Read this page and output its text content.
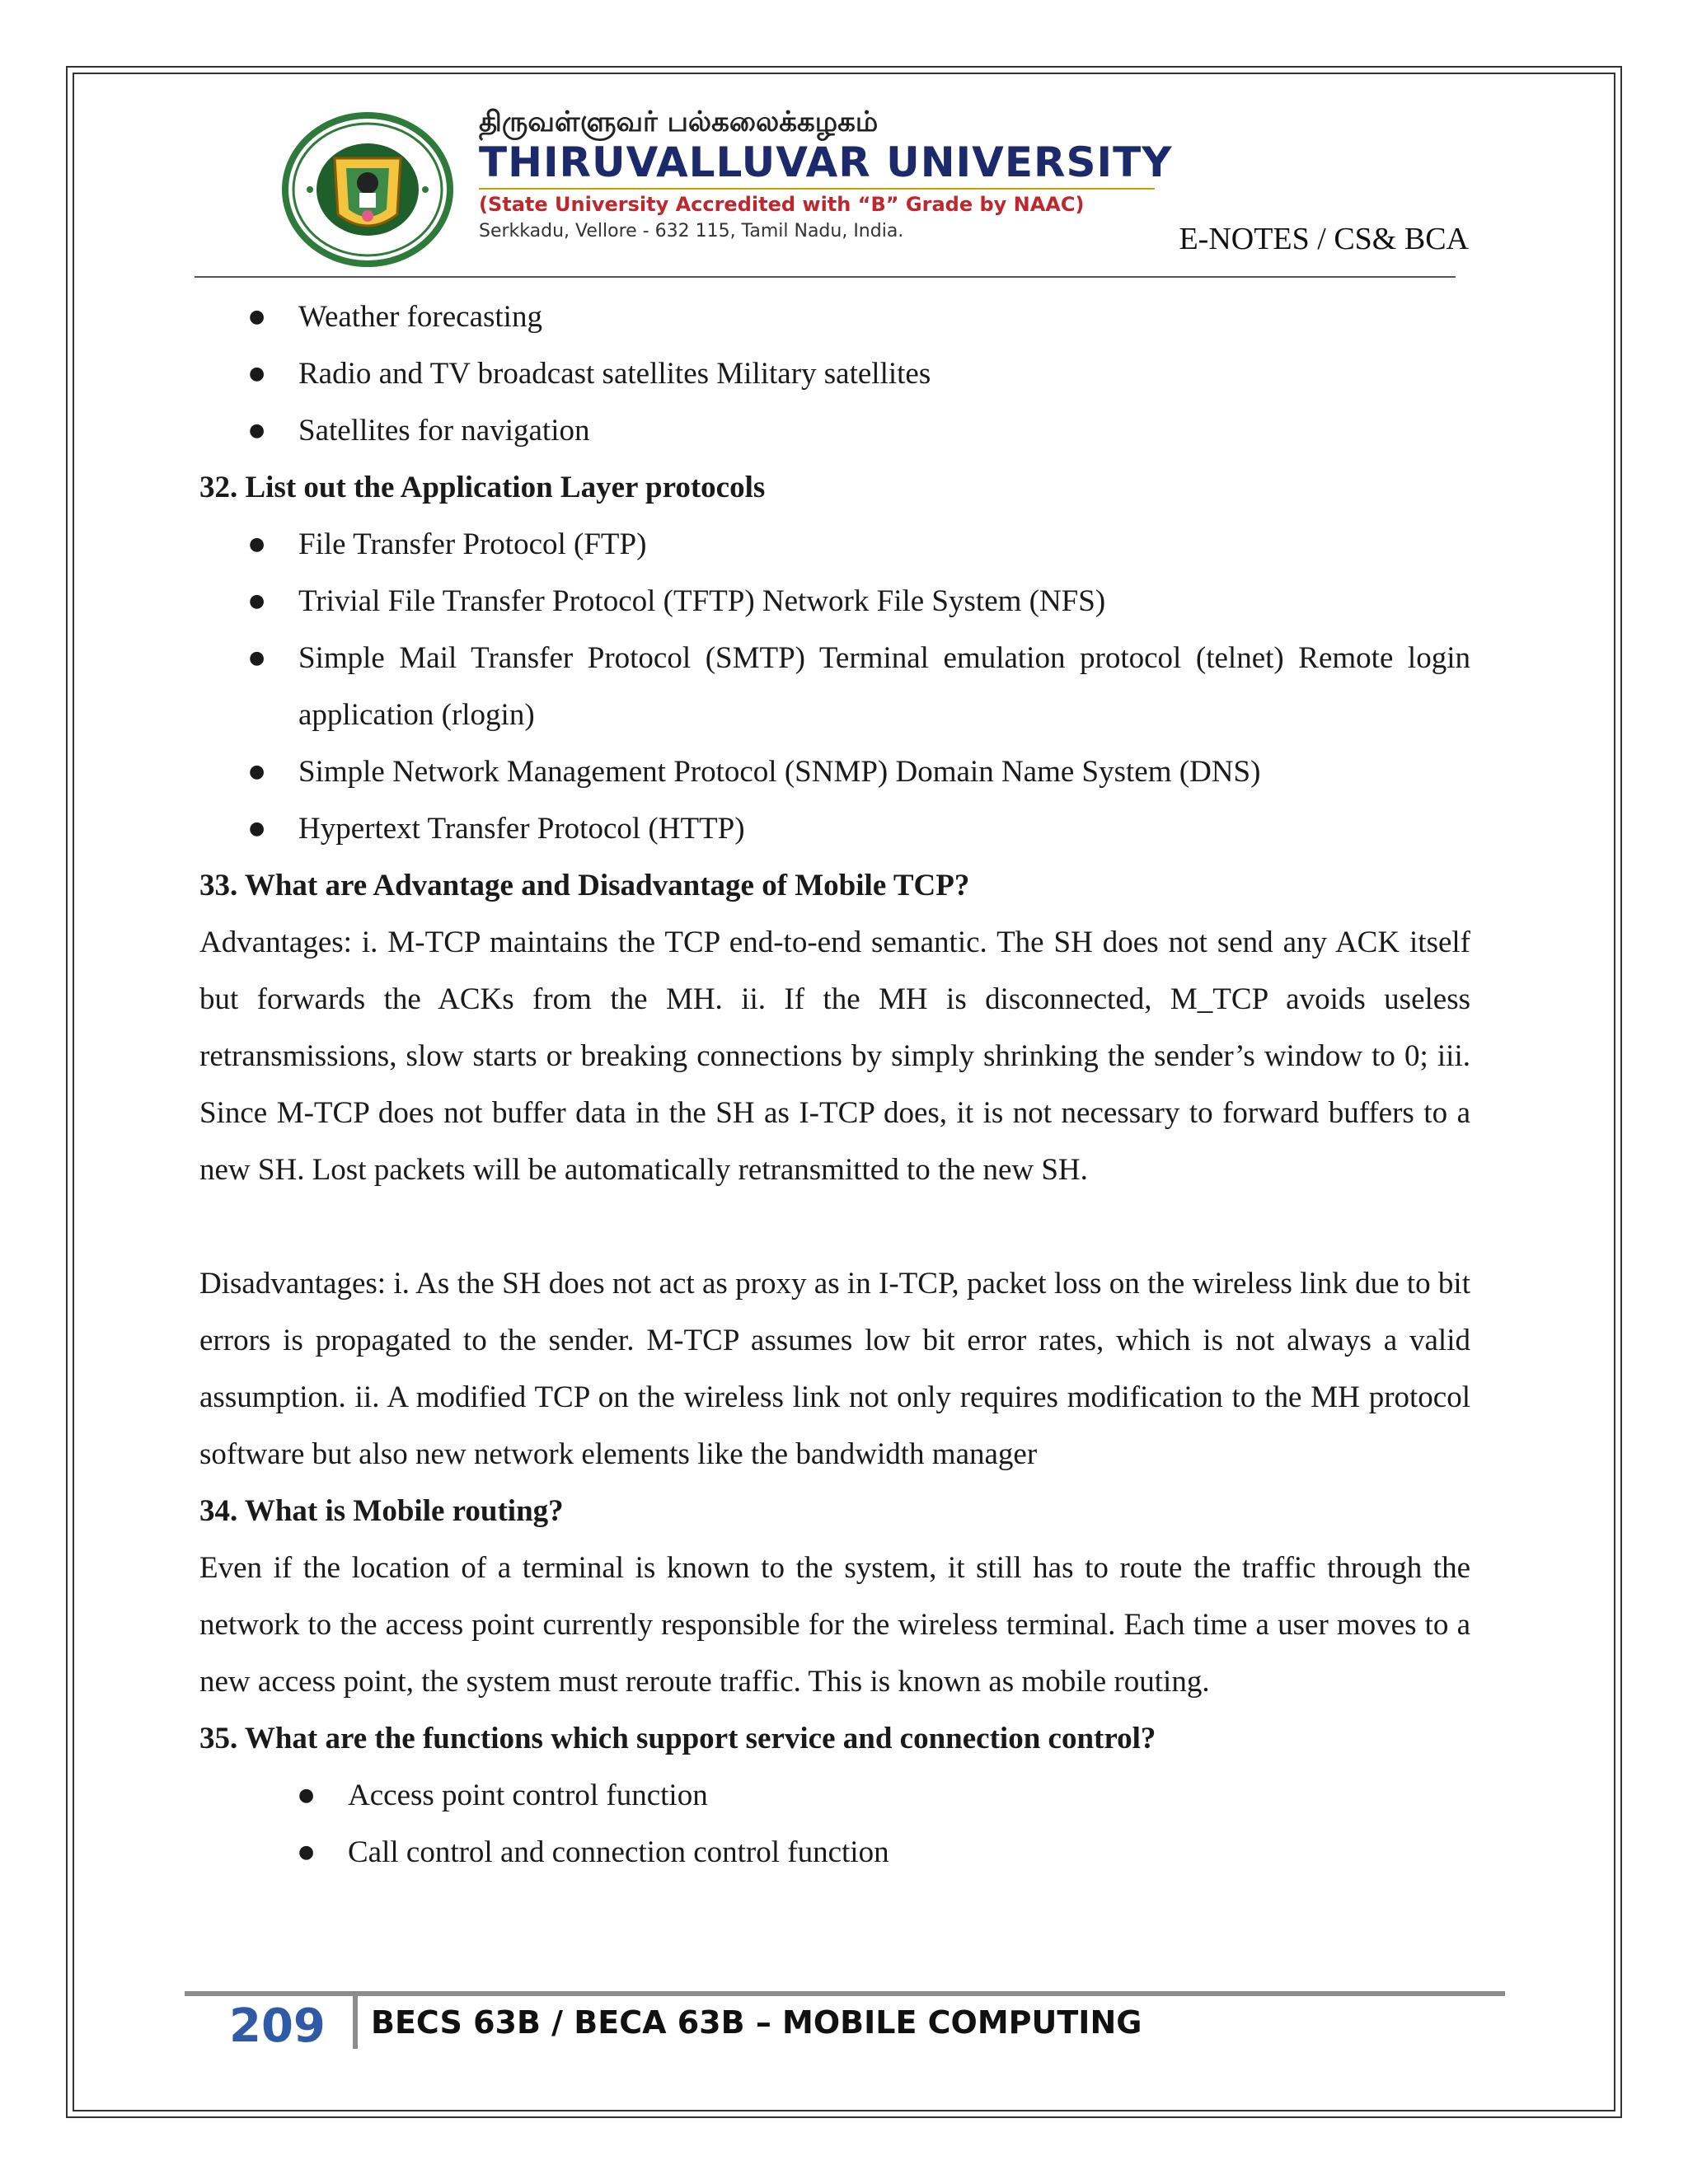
திருவள்ளுவர் பல்கலைக்கழகம்
THIRUVALLUVAR UNIVERSITY
(State University Accredited with “B” Grade by NAAC)
Serkkadu, Vellore - 632 115, Tamil Nadu, India.	E-NOTES / CS& BCA
● Weather forecasting
● Radio and TV broadcast satellites Military satellites
● Satellites for navigation

32. List out the Application Layer protocols

● File Transfer Protocol (FTP)
● Trivial File Transfer Protocol (TFTP) Network File System (NFS)
● Simple Mail Transfer Protocol (SMTP) Terminal emulation protocol (telnet) Remote login application (rlogin)
● Simple Network Management Protocol (SNMP) Domain Name System (DNS)
● Hypertext Transfer Protocol (HTTP)

33. What are Advantage and Disadvantage of Mobile TCP?

Advantages: i. M-TCP maintains the TCP end-to-end semantic. The SH does not send any ACK itself but forwards the ACKs from the MH. ii. If the MH is disconnected, M_TCP avoids useless retransmissions, slow starts or breaking connections by simply shrinking the sender’s window to 0; iii. Since M-TCP does not buffer data in the SH as I-TCP does, it is not necessary to forward buffers to a new SH. Lost packets will be automatically retransmitted to the new SH.

Disadvantages: i. As the SH does not act as proxy as in I-TCP, packet loss on the wireless link due to bit errors is propagated to the sender. M-TCP assumes low bit error rates, which is not always a valid assumption. ii. A modified TCP on the wireless link not only requires modification to the MH protocol software but also new network elements like the bandwidth manager

34. What is Mobile routing?

Even if the location of a terminal is known to the system, it still has to route the traffic through the network to the access point currently responsible for the wireless terminal. Each time a user moves to a new access point, the system must reroute traffic. This is known as mobile routing.

35. What are the functions which support service and connection control?

● Access point control function
● Call control and connection control function
209 BECS 63B / BECA 63B – MOBILE COMPUTING
